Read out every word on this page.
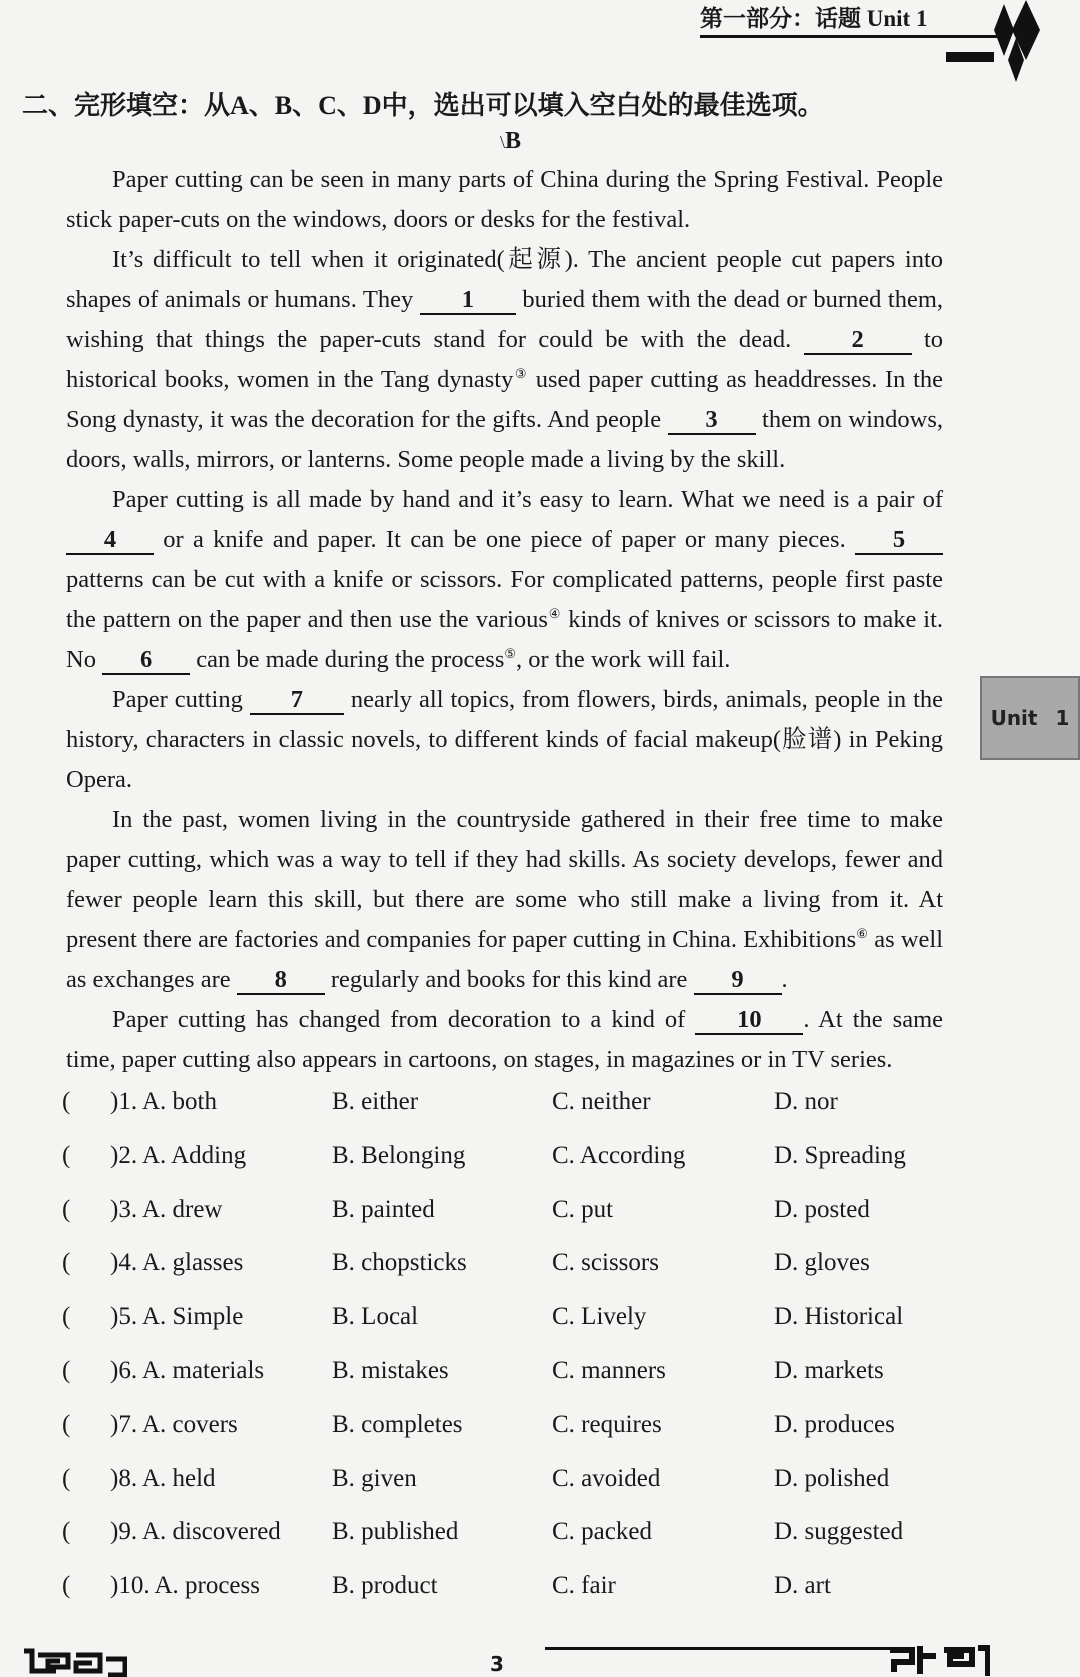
第一部分：话题 Unit 1
二、完形填空：从A、B、C、D中，选出可以填入空白处的最佳选项。
\B

Paper cutting can be seen in many parts of China during the Spring Festival. People stick paper-cuts on the windows, doors or desks for the festival.

It’s difficult to tell when it originated(起源). The ancient people cut papers into shapes of animals or humans. They 1 buried them with the dead or burned them, wishing that things the paper-cuts stand for could be with the dead. 2 to historical books, women in the Tang dynasty③ used paper cutting as headdresses. In the Song dynasty, it was the decoration for the gifts. And people 3 them on windows, doors, walls, mirrors, or lanterns. Some people made a living by the skill.

Paper cutting is all made by hand and it’s easy to learn. What we need is a pair of 4 or a knife and paper. It can be one piece of paper or many pieces. 5 patterns can be cut with a knife or scissors. For complicated patterns, people first paste the pattern on the paper and then use the various④ kinds of knives or scissors to make it. No 6 can be made during the process⑤, or the work will fail.

Paper cutting 7 nearly all topics, from flowers, birds, animals, people in the history, characters in classic novels, to different kinds of facial makeup(脸谱) in Peking Opera.

In the past, women living in the countryside gathered in their free time to make paper cutting, which was a way to tell if they had skills. As society develops, fewer and fewer people learn this skill, but there are some who still make a living from it. At present there are factories and companies for paper cutting in China. Exhibitions⑥ as well as exchanges are 8 regularly and books for this kind are 9 .

Paper cutting has changed from decoration to a kind of 10 . At the same time, paper cutting also appears in cartoons, on stages, in magazines or in TV series.

Unit 1
( )1. A. both	B. either	C. neither	D. nor
( )2. A. Adding	B. Belonging	C. According	D. Spreading
( )3. A. drew	B. painted	C. put	D. posted
( )4. A. glasses	B. chopsticks	C. scissors	D. gloves
( )5. A. Simple	B. Local	C. Lively	D. Historical
( )6. A. materials	B. mistakes	C. manners	D. markets
( )7. A. covers	B. completes	C. requires	D. produces
( )8. A. held	B. given	C. avoided	D. polished
( )9. A. discovered B. published	C. packed	D. suggested
( )10. A. process	B. product	C. fair	D. art
3
